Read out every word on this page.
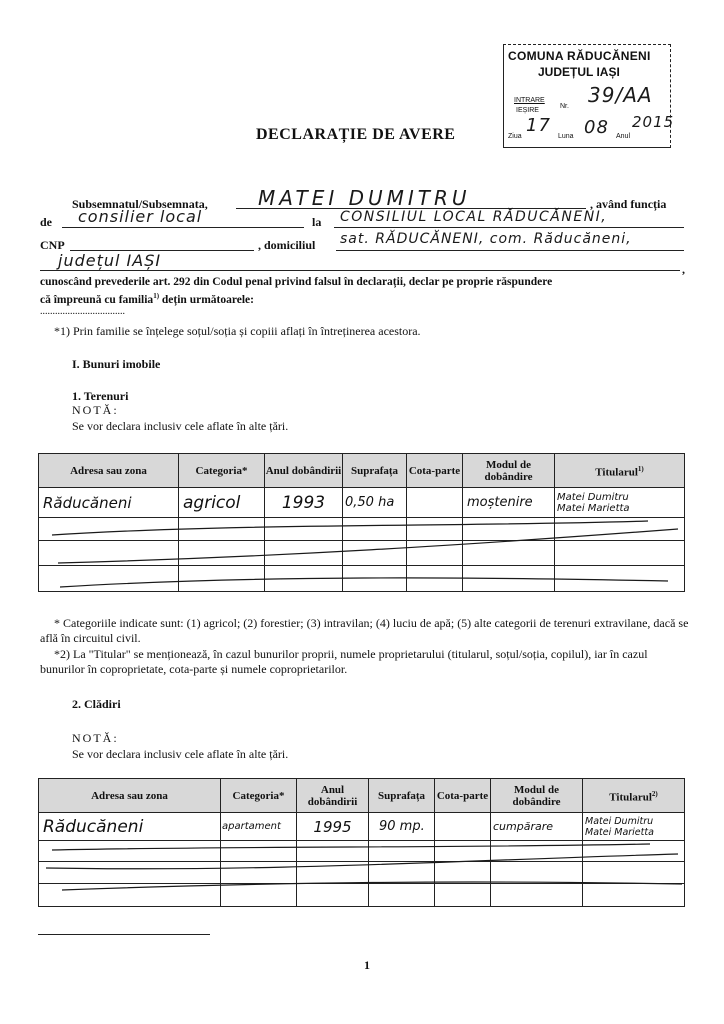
COMUNA RĂDUCĂNENI
JUDEȚUL IAȘI
INTRARE
IEȘIRE
Nr. 39/AA
Ziua
17
Luna 08 Anul
2015
DECLARAȚIE DE AVERE
Subsemnatul/Subsemnata,	MATEI DUMITRU	, având funcția
de consilier local	la CONSILIUL LOCAL RĂDUCĂNENI,
CNP	, domiciliul sat. RĂDUCĂNENI, com. Răducăneni,
județul IAȘI	,
cunoscând prevederile art. 292 din Codul penal privind falsul în declarații, declar pe proprie răspundere
că împreună cu familia$^{1)}$ dețin următoarele:
..................................
*1) Prin familie se înțelege soțul/soția și copiii aflați în întreținerea acestora.
I. Bunuri imobile
1. Terenuri
NOTĂ:
Se vor declara inclusiv cele aflate în alte țări.
Adresa sau zona	Categoria*	Anul dobândirii	Suprafața	Cota-parte	Modul de dobândire	Titularul$^{1)}$
Răducăneni	agricol	1993	0,50 ha		moștenire	Matei Dumitru
Matei Marietta

* Categoriile indicate sunt: (1) agricol; (2) forestier; (3) intravilan; (4) luciu de apă; (5) alte categorii de terenuri extravilane, dacă se află în circuitul civil.
*2) La "Titular" se menționează, în cazul bunurilor proprii, numele proprietarului (titularul, soțul/soția, copilul), iar în cazul bunurilor în coproprietate, cota-parte și numele coproprietarilor.
2. Clădiri
NOTĂ:
Se vor declara inclusiv cele aflate în alte țări.
Adresa sau zona	Categoria*	Anul dobândirii	Suprafața	Cota-parte	Modul de dobândire	Titularul$^{2)}$
Răducăneni	apartament	1995	90 mp.		cumpărare	Matei Dumitru
Matei Marietta

1
